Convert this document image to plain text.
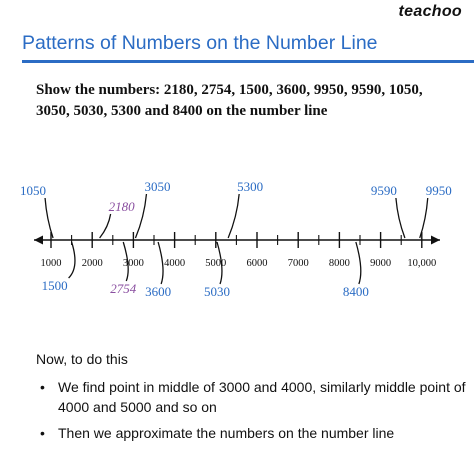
teachoo
Patterns of Numbers on the Number Line
Show the numbers: 2180, 2754, 1500, 3600, 9950, 9590, 1050, 3050, 5030, 5300 and 8400 on the number line
1000 2000 3000 4000 5000 6000 7000 8000 9000 10,000
1050
2180
3050	5300	9590 9950
1500	2754 3600	5030	8400

Now, to do this

• We find point in middle of 3000 and 4000, similarly middle point of 4000 and 5000 and so on
• Then we approximate the numbers on the number line
